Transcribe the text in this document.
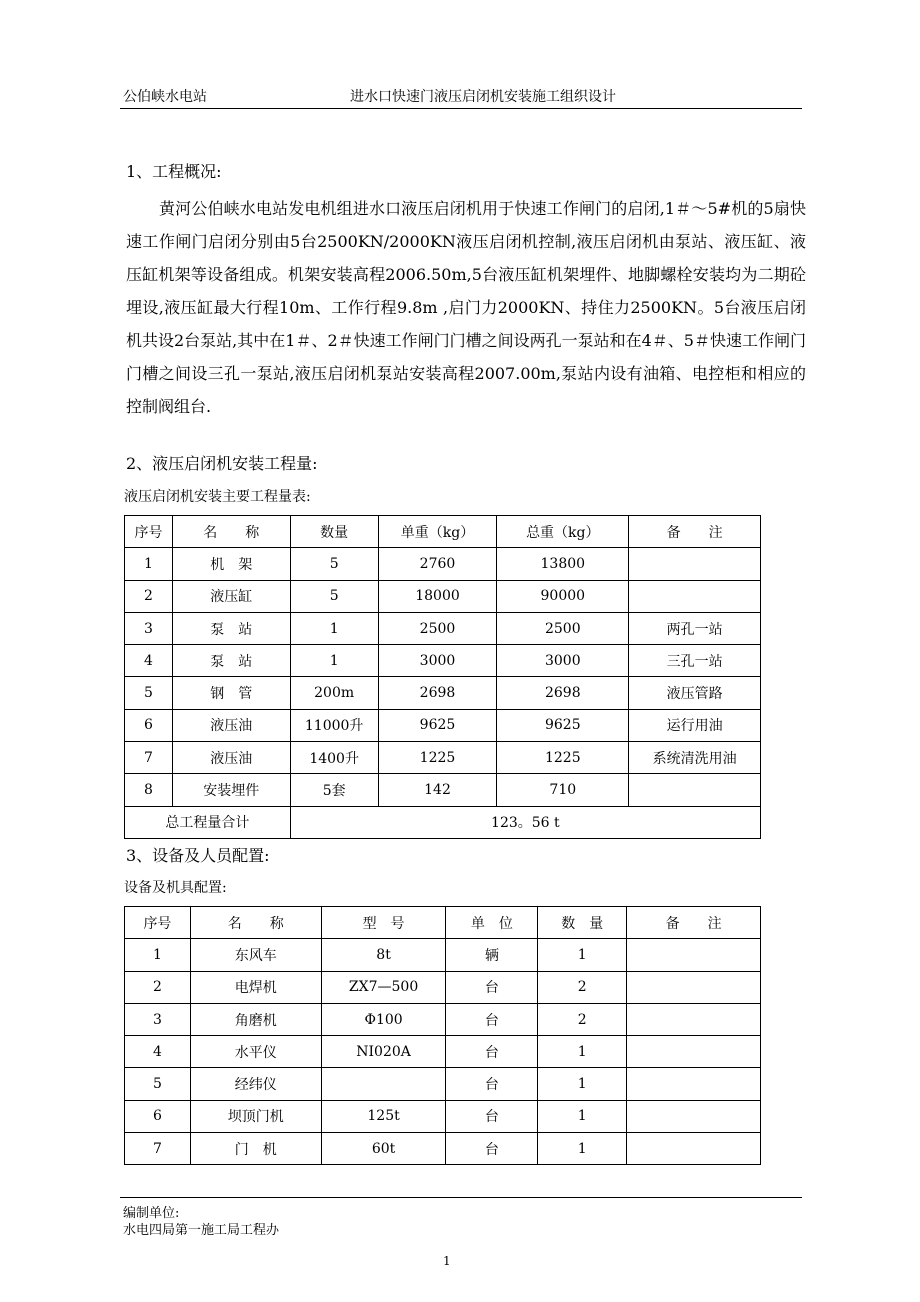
公伯峡水电站	进水口快速门液压启闭机安装施工组织设计
1、工程概况:

黄河公伯峡水电站发电机组进水口液压启闭机用于快速工作闸门的启闭,1＃～5#机的5扇快速工作闸门启闭分别由5台2500KN/2000KN液压启闭机控制,液压启闭机由泵站、液压缸、液压缸机架等设备组成。机架安装高程2006.50m,5台液压缸机架埋件、地脚螺栓安装均为二期砼埋设,液压缸最大行程10m、工作行程9.8m ,启门力2000KN、持住力2500KN。5台液压启闭机共设2台泵站,其中在1＃、2＃快速工作闸门门槽之间设两孔一泵站和在4＃、5＃快速工作闸门门槽之间设三孔一泵站,液压启闭机泵站安装高程2007.00m,泵站内设有油箱、电控柜和相应的控制阀组台.

2、液压启闭机安装工程量:
液压启闭机安装主要工程量表:
序号	名　　称	数量	单重（kg）	总重（kg）	备　　注
1	机　架	5	2760	13800	
2	液压缸	5	18000	90000	
3	泵　站	1	2500	2500	两孔一站
4	泵　站	1	3000	3000	三孔一站
5	钢　管	200m	2698	2698	液压管路
6	液压油	11000升	9625	9625	运行用油
7	液压油	1400升	1225	1225	系统清洗用油
8	安装埋件	5套	142	710	
总工程量合计		123。56 t			
3、设备及人员配置:
设备及机具配置:
序号	名　　称	型　号	单　位	数　量	备　　注
1	东风车	8t	辆	1	
2	电焊机	ZX7—500	台	2	
3	角磨机	Φ100	台	2	
4	水平仪	NI020A	台	1	
5	经纬仪		台	1	
6	坝顶门机	125t	台	1	
7	门　机	60t	台	1	
编制单位:
水电四局第一施工局工程办
1
